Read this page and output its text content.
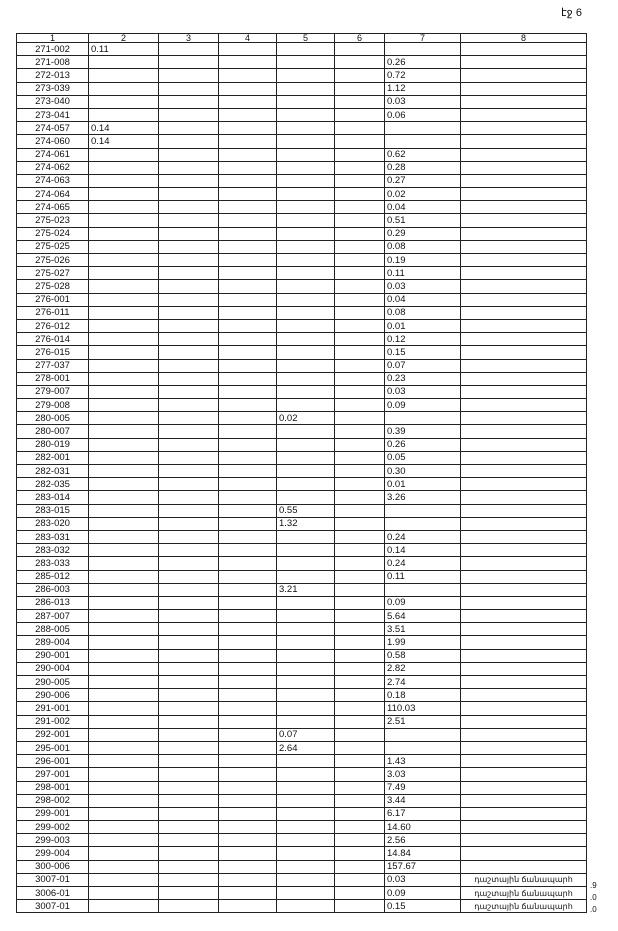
էջ 6
1	2	3	4	5	6	7	8
271-002	0.11						
271-008						0.26	
272-013						0.72	
273-039						1.12	
273-040						0.03	
273-041						0.06	
274-057	0.14						
274-060	0.14						
274-061						0.62	
274-062						0.28	
274-063						0.27	
274-064						0.02	
274-065						0.04	
275-023						0.51	
275-024						0.29	
275-025						0.08	
275-026						0.19	
275-027						0.11	
275-028						0.03	
276-001						0.04	
276-011						0.08	
276-012						0.01	
276-014						0.12	
276-015						0.15	
277-037						0.07	
278-001						0.23	
279-007						0.03	
279-008						0.09	
280-005				0.02			
280-007						0.39	
280-019						0.26	
282-001						0.05	
282-031						0.30	
282-035						0.01	
283-014						3.26	
283-015				0.55			
283-020				1.32			
283-031						0.24	
283-032						0.14	
283-033						0.24	
285-012						0.11	
286-003				3.21			
286-013						0.09	
287-007						5.64	
288-005						3.51	
289-004						1.99	
290-001						0.58	
290-004						2.82	
290-005						2.74	
290-006						0.18	
291-001						110.03	
291-002						2.51	
292-001				0.07			
295-001				2.64			
296-001						1.43	
297-001						3.03	
298-001						7.49	
298-002						3.44	
299-001						6.17	
299-002						14.60	
299-003						2.56	
299-004						14.84	
300-006						157.67	
3007-01						0.03	դաշտային ճանապարհ
3006-01						0.09	դաշտային ճանապարհ
3007-01						0.15	դաշտային ճանապարհ
.9
.0
.0
